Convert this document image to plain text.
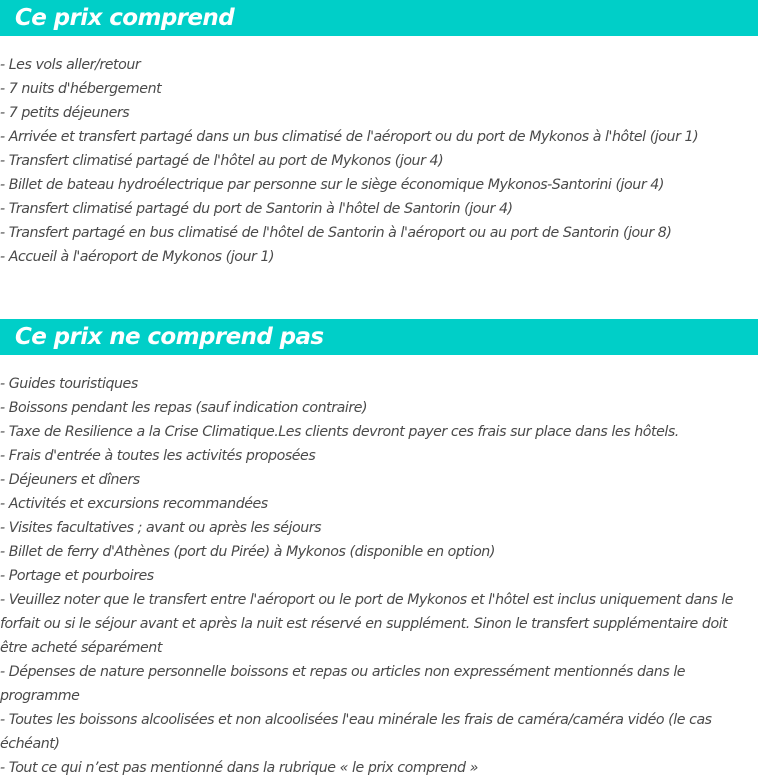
Ce prix comprend
- Les vols aller/retour
- 7 nuits d'hébergement
- 7 petits déjeuners
- Arrivée et transfert partagé dans un bus climatisé de l'aéroport ou du port de Mykonos à l'hôtel (jour 1)
- Transfert climatisé partagé de l'hôtel au port de Mykonos (jour 4)
- Billet de bateau hydroélectrique par personne sur le siège économique Mykonos-Santorini (jour 4)
- Transfert climatisé partagé du port de Santorin à l'hôtel de Santorin (jour 4)
- Transfert partagé en bus climatisé de l'hôtel de Santorin à l'aéroport ou au port de Santorin (jour 8)
- Accueil à l'aéroport de Mykonos (jour 1)
Ce prix ne comprend pas
- Guides touristiques
- Boissons pendant les repas (sauf indication contraire)
- Taxe de Resilience a la Crise Climatique.Les clients devront payer ces frais sur place dans les hôtels.
- Frais d'entrée à toutes les activités proposées
- Déjeuners et dîners
- Activités et excursions recommandées
- Visites facultatives ; avant ou après les séjours
- Billet de ferry d'Athènes (port du Pirée) à Mykonos (disponible en option)
- Portage et pourboires
- Veuillez noter que le transfert entre l'aéroport ou le port de Mykonos et l'hôtel est inclus uniquement dans le forfait ou si le séjour avant et après la nuit est réservé en supplément. Sinon le transfert supplémentaire doit être acheté séparément
- Dépenses de nature personnelle boissons et repas ou articles non expressément mentionnés dans le programme
- Toutes les boissons alcoolisées et non alcoolisées l'eau minérale les frais de caméra/caméra vidéo (le cas échéant)
- Tout ce qui n’est pas mentionné dans la rubrique « le prix comprend »
